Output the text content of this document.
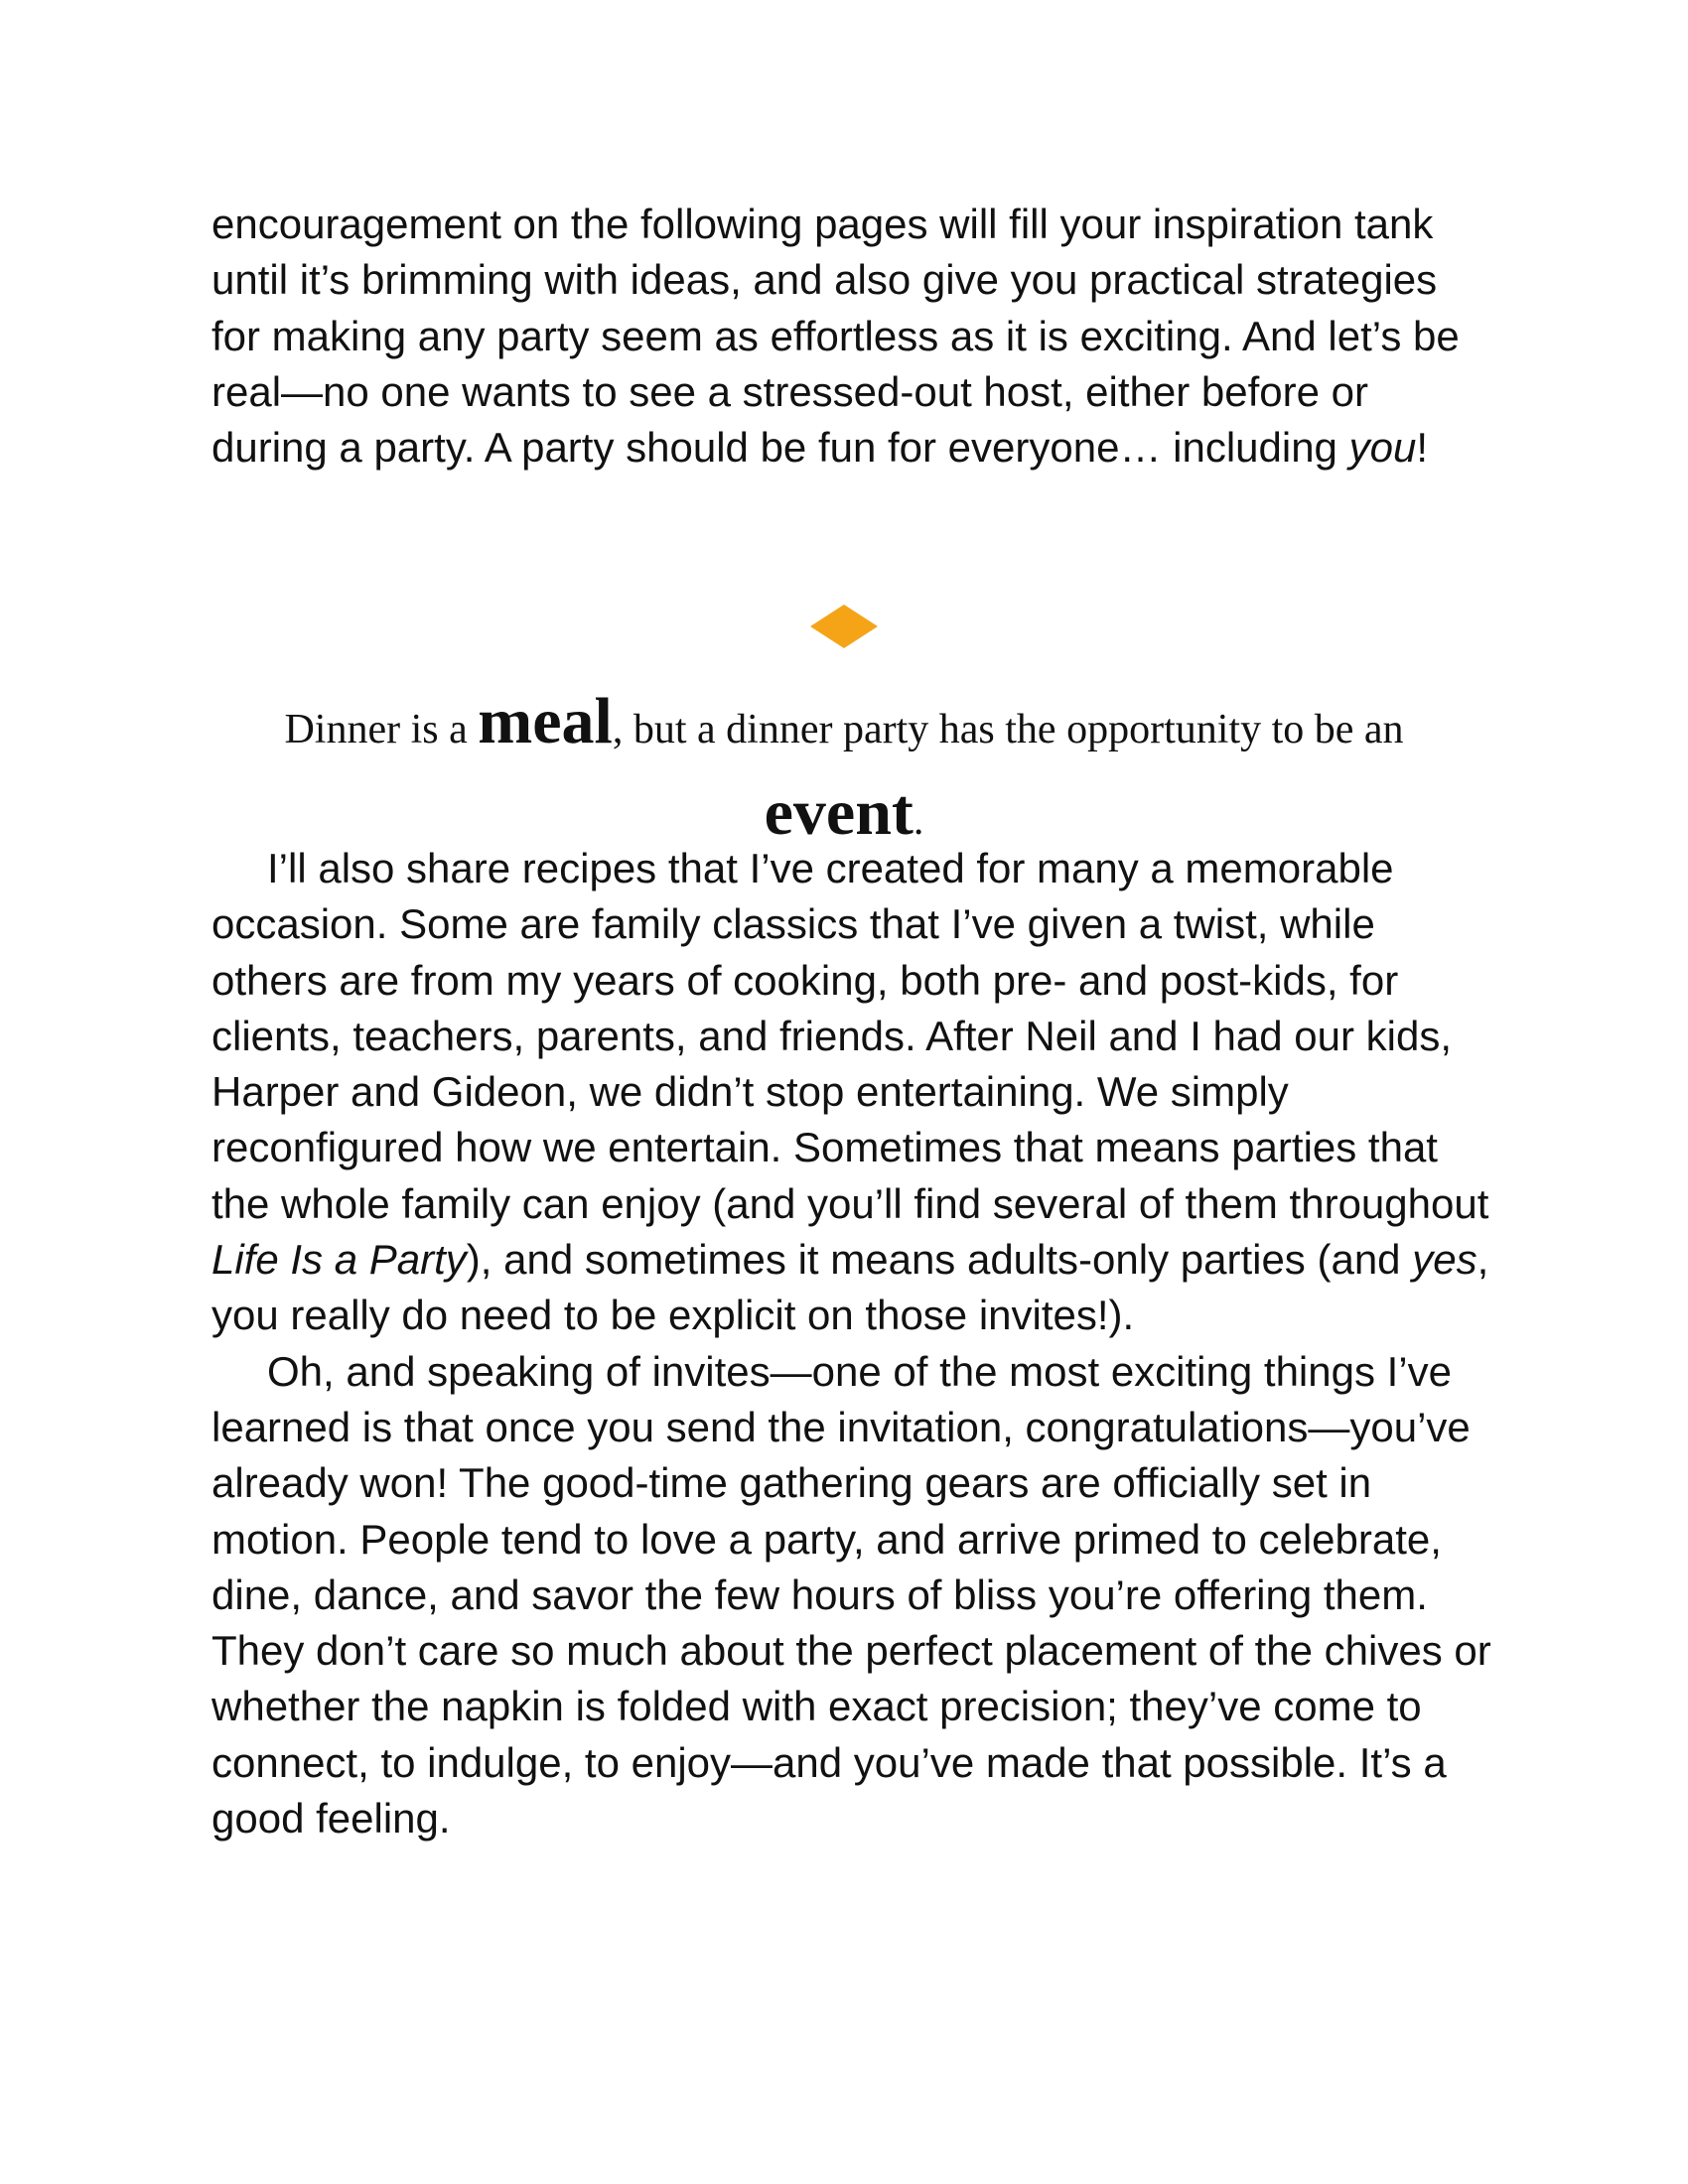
encouragement on the following pages will fill your inspiration tank until it’s brimming with ideas, and also give you practical strategies for making any party seem as effortless as it is exciting. And let’s be real—no one wants to see a stressed-out host, either before or during a party. A party should be fun for everyone… including you!

Dinner is a meal, but a dinner party has the opportunity to be an event.

I’ll also share recipes that I’ve created for many a memorable occasion. Some are family classics that I’ve given a twist, while others are from my years of cooking, both pre- and post-kids, for clients, teachers, parents, and friends. After Neil and I had our kids, Harper and Gideon, we didn’t stop entertaining. We simply reconfigured how we entertain. Sometimes that means parties that the whole family can enjoy (and you’ll find several of them throughout Life Is a Party), and sometimes it means adults-only parties (and yes, you really do need to be explicit on those invites!).

Oh, and speaking of invites—one of the most exciting things I’ve learned is that once you send the invitation, congratulations—you’ve already won! The good-time gathering gears are officially set in motion. People tend to love a party, and arrive primed to celebrate, dine, dance, and savor the few hours of bliss you’re offering them. They don’t care so much about the perfect placement of the chives or whether the napkin is folded with exact precision; they’ve come to connect, to indulge, to enjoy—and you’ve made that possible. It’s a good feeling.
